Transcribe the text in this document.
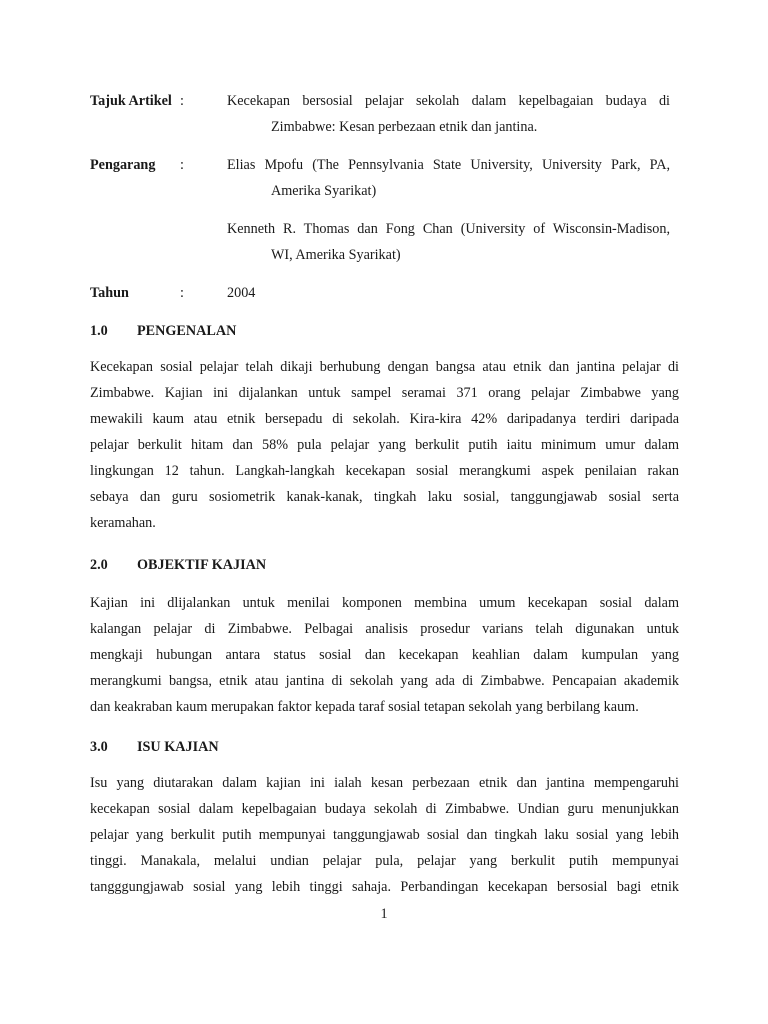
Tajuk Artikel :	Kecekapan bersosial pelajar sekolah dalam kepelbagaian budaya di
Zimbabwe: Kesan perbezaan etnik dan jantina.
Pengarang :	Elias Mpofu (The Pennsylvania State University, University Park, PA,
Amerika Syarikat)
Kenneth R. Thomas dan Fong Chan (University of Wisconsin-Madison,
WI, Amerika Syarikat)
Tahun	:	2004
1.0 PENGENALAN
Kecekapan sosial pelajar telah dikaji berhubung dengan bangsa atau etnik dan jantina pelajar di
Zimbabwe. Kajian ini dijalankan untuk sampel seramai 371 orang pelajar Zimbabwe yang
mewakili kaum atau etnik bersepadu di sekolah. Kira-kira 42% daripadanya terdiri daripada
pelajar berkulit hitam dan 58% pula pelajar yang berkulit putih iaitu minimum umur dalam
lingkungan 12 tahun. Langkah-langkah kecekapan sosial merangkumi aspek penilaian rakan
sebaya dan guru sosiometrik kanak-kanak, tingkah laku sosial, tanggungjawab sosial serta
keramahan.
2.0 OBJEKTIF KAJIAN
Kajian ini dlijalankan untuk menilai komponen membina umum kecekapan sosial dalam
kalangan pelajar di Zimbabwe. Pelbagai analisis prosedur varians telah digunakan untuk
mengkaji hubungan antara status sosial dan kecekapan keahlian dalam kumpulan yang
merangkumi bangsa, etnik atau jantina di sekolah yang ada di Zimbabwe. Pencapaian akademik
dan keakraban kaum merupakan faktor kepada taraf sosial tetapan sekolah yang berbilang kaum.
3.0 ISU KAJIAN
Isu yang diutarakan dalam kajian ini ialah kesan perbezaan etnik dan jantina mempengaruhi
kecekapan sosial dalam kepelbagaian budaya sekolah di Zimbabwe. Undian guru menunjukkan
pelajar yang berkulit putih mempunyai tanggungjawab sosial dan tingkah laku sosial yang lebih
tinggi. Manakala, melalui undian pelajar pula, pelajar yang berkulit putih mempunyai
tangggungjawab sosial yang lebih tinggi sahaja. Perbandingan kecekapan bersosial bagi etnik
1
